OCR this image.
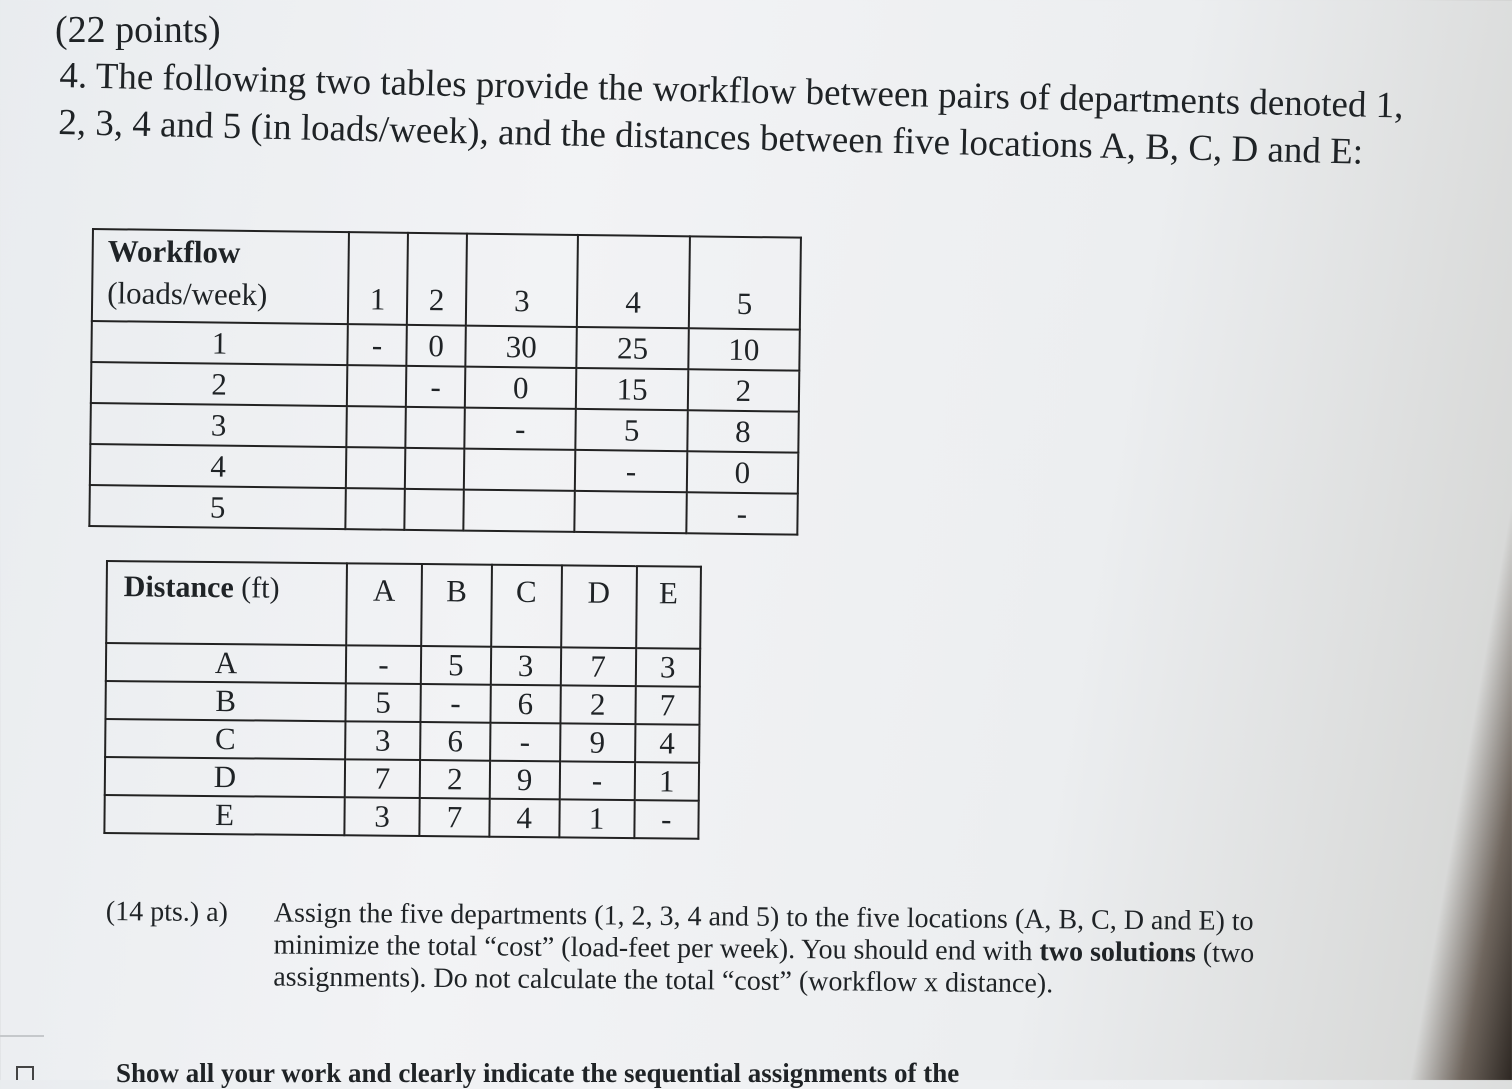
(22 points)

4. The following two tables provide the workflow between pairs of departments denoted 1, 2, 3, 4 and 5 (in loads/week), and the distances between five locations A, B, C, D and E:

Workflow
(loads/week)	1	2	3	4	5
1	-	0	30	25	10
2		-	0	15	2
3			-	5	8
4				-	0
5					-
Distance (ft)	A	B	C	D	E
A	-	5	3	7	3
B	5	-	6	2	7
C	3	6	-	9	4
D	7	2	9	-	1
E	3	7	4	1	-
(14 pts.) a)	Assign the five departments (1, 2, 3, 4 and 5) to the five locations (A, B, C, D and E) to minimize the total “cost” (load-feet per week). You should end with two solutions (two assignments). Do not calculate the total “cost” (workflow x distance).

Show all your work and clearly indicate the sequential assignments of the
